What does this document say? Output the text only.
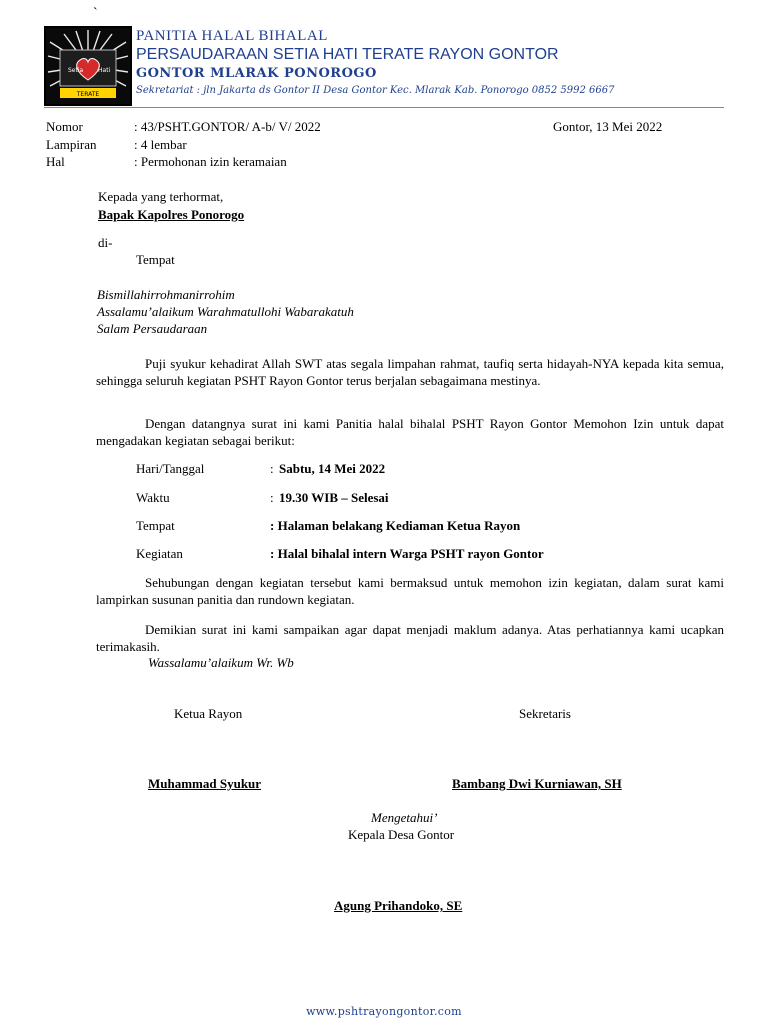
`
TERATE
Setia Hati
PANITIA HALAL BIHALAL
PERSAUDARAAN SETIA HATI TERATE RAYON GONTOR
GONTOR MLARAK PONOROGO
Sekretariat : jln Jakarta ds Gontor II Desa Gontor Kec. Mlarak Kab. Ponorogo 0852 5992 6667
Nomor	: 43/PSHT.GONTOR/ A-b/ V/ 2022	Gontor, 13 Mei 2022
Lampiran	: 4 lembar
Hal	: Permohonan izin keramaian
Kepada yang terhormat,
Bapak Kapolres Ponorogo
di-
Tempat
Bismillahirrohmanirrohim
Assalamu’alaikum Warahmatullohi Wabarakatuh
Salam Persaudaraan
Puji syukur kehadirat Allah SWT atas segala limpahan rahmat, taufiq serta hidayah-NYA kepada kita semua, sehingga seluruh kegiatan PSHT Rayon Gontor terus berjalan sebagaimana mestinya.
Dengan datangnya surat ini kami Panitia halal bihalal PSHT Rayon Gontor Memohon Izin untuk dapat mengadakan kegiatan sebagai berikut:
Hari/Tanggal	: Sabtu, 14 Mei 2022
Waktu	: 19.30 WIB – Selesai
Tempat	: Halaman belakang Kediaman Ketua Rayon
Kegiatan	: Halal bihalal intern Warga PSHT rayon Gontor
Sehubungan dengan kegiatan tersebut kami bermaksud untuk memohon izin kegiatan, dalam surat kami lampirkan susunan panitia dan rundown kegiatan.
Demikian surat ini kami sampaikan agar dapat menjadi maklum adanya. Atas perhatiannya kami ucapkan terimakasih.
Wassalamu’alaikum Wr. Wb
Ketua Rayon	Sekretaris
Muhammad Syukur	Bambang Dwi Kurniawan, SH
Mengetahui’
Kepala Desa Gontor
Agung Prihandoko, SE
www.pshtrayongontor.com
